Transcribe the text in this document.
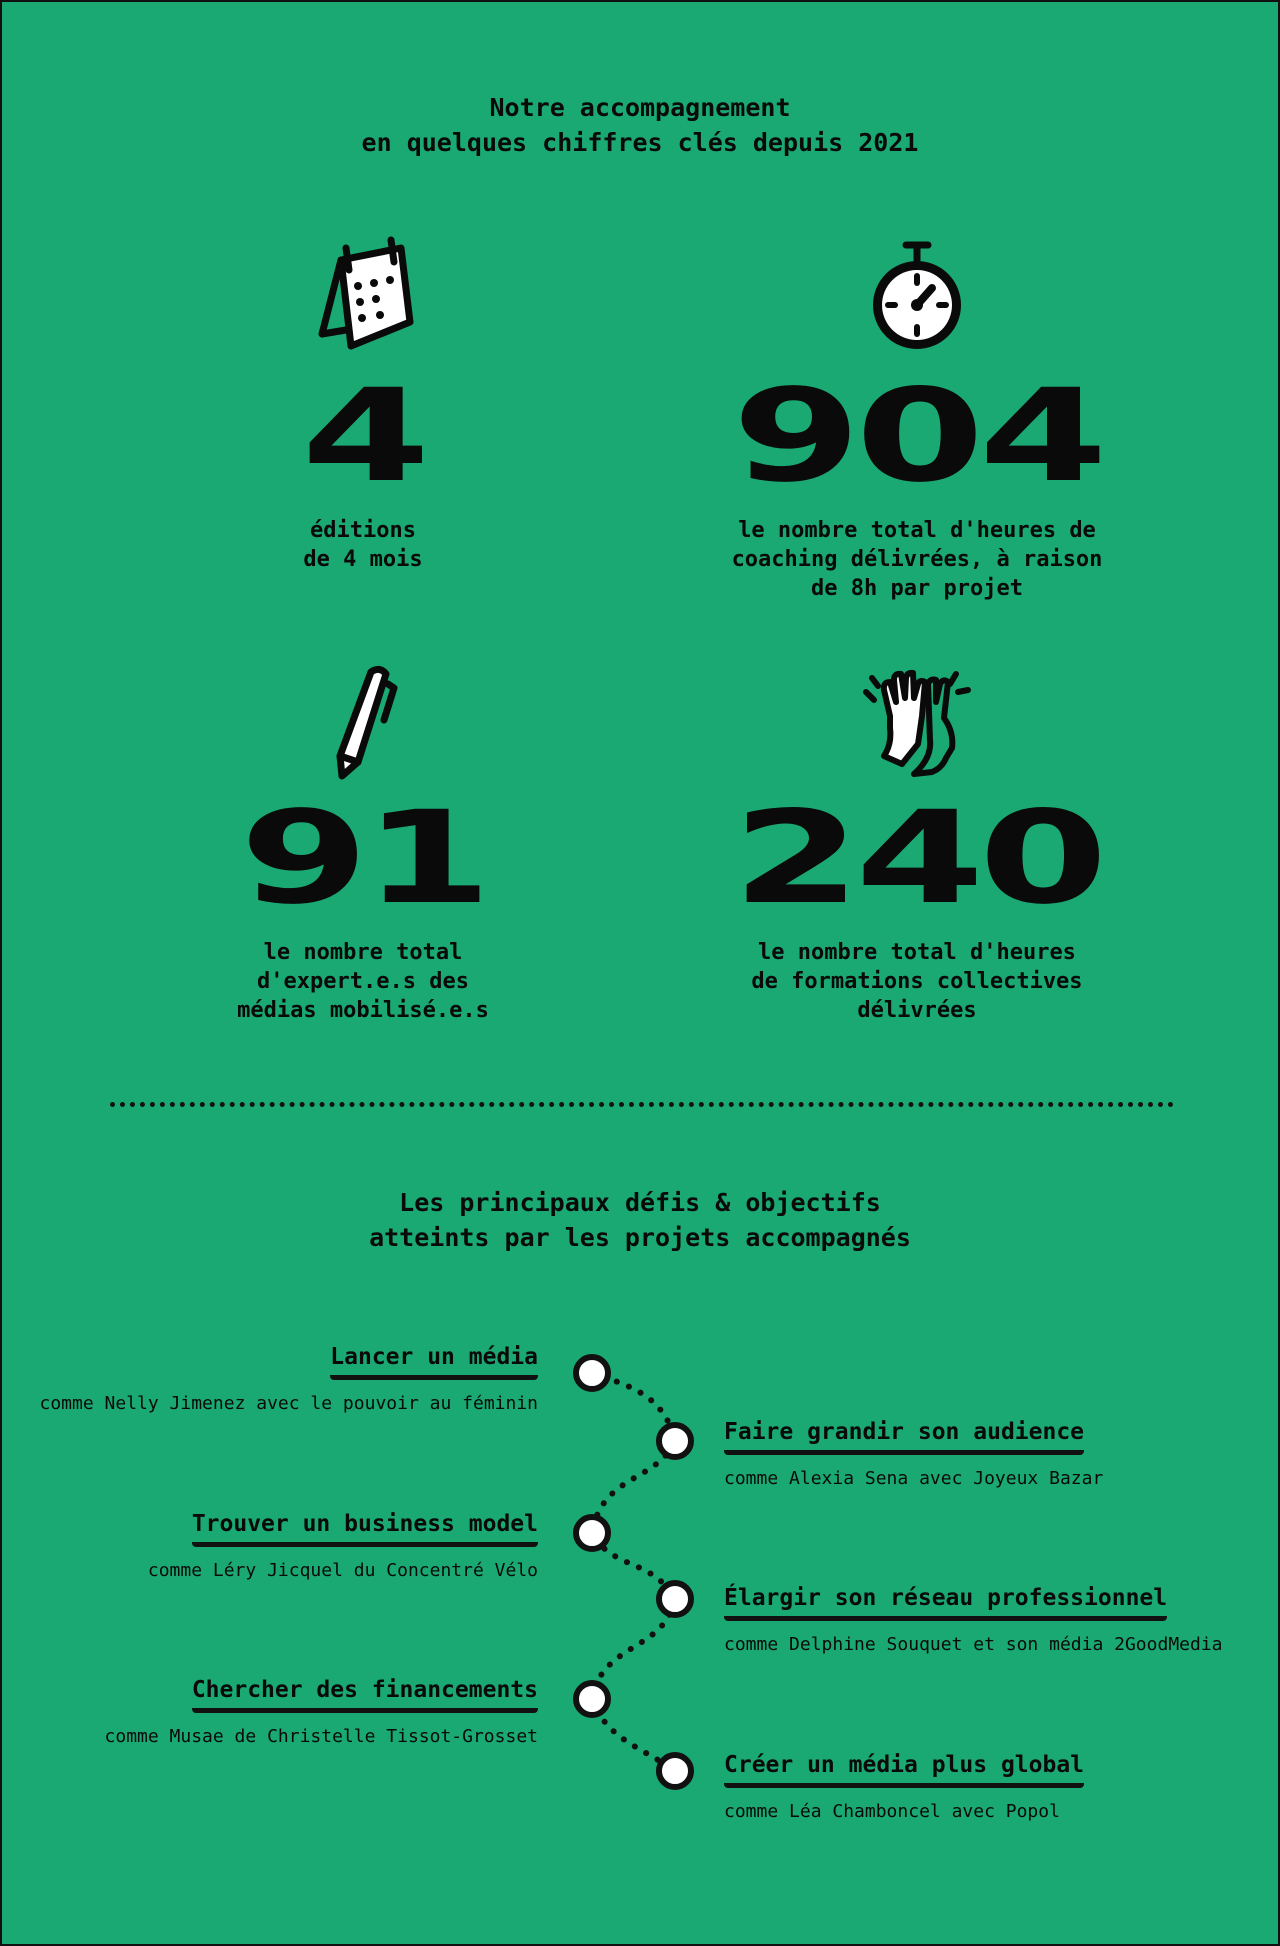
Notre accompagnement
en quelques chiffres clés depuis 2021
4
éditions
de 4 mois
904
le nombre total d'heures de
coaching délivrées, à raison
de 8h par projet
91
le nombre total
d'expert.e.s des
médias mobilisé.e.s
240
le nombre total d'heures
de formations collectives
délivrées
Les principaux défis & objectifs
atteints par les projets accompagnés
Lancer un média
comme Nelly Jimenez avec le pouvoir au féminin
Faire grandir son audience
comme Alexia Sena avec Joyeux Bazar
Trouver un business model
comme Léry Jicquel du Concentré Vélo
Élargir son réseau professionnel
comme Delphine Souquet et son média 2GoodMedia
Chercher des financements
comme Musae de Christelle Tissot-Grosset
Créer un média plus global
comme Léa Chamboncel avec Popol
